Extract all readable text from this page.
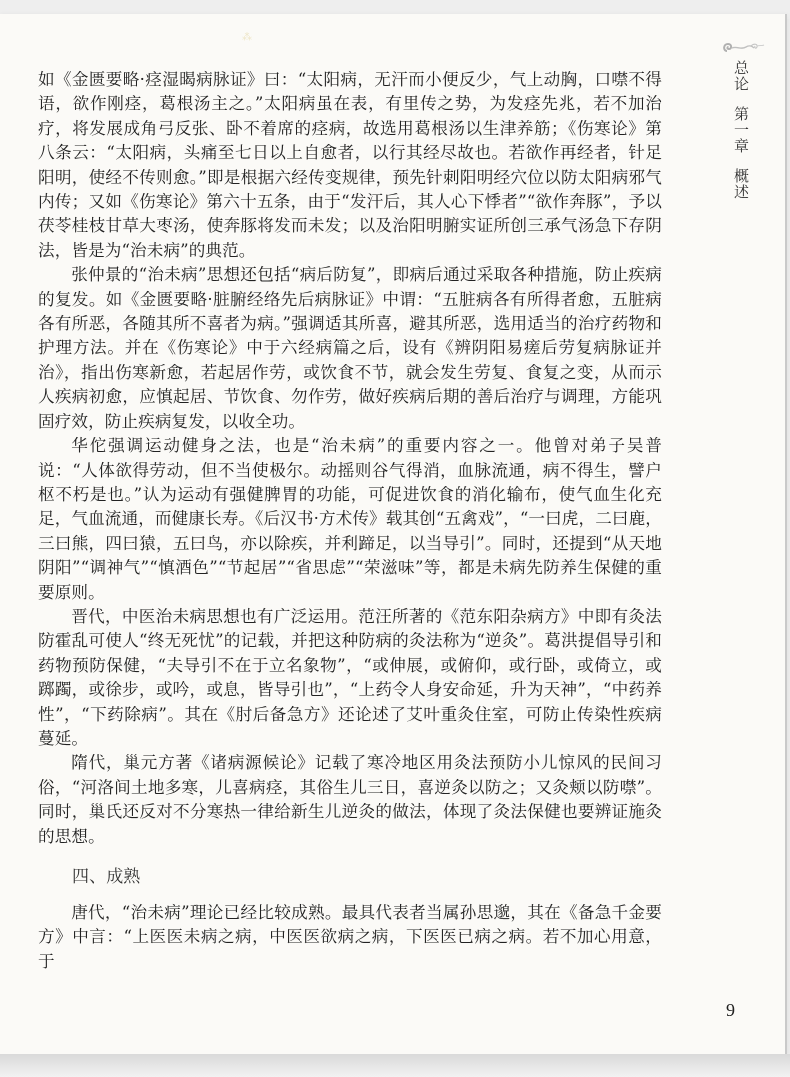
⁂

如《金匮要略·痉湿暍病脉证》曰：“太阳病，无汗而小便反少，气上动胸，口噤不得语，欲作刚痉，葛根汤主之。”太阳病虽在表，有里传之势，为发痉先兆，若不加治疗，将发展成角弓反张、卧不着席的痉病，故选用葛根汤以生津养筋；《伤寒论》第八条云：“太阳病，头痛至七日以上自愈者，以行其经尽故也。若欲作再经者，针足阳明，使经不传则愈。”即是根据六经传变规律，预先针刺阳明经穴位以防太阳病邪气内传；又如《伤寒论》第六十五条，由于“发汗后，其人心下悸者”“欲作奔豚”，予以茯苓桂枝甘草大枣汤，使奔豚将发而未发；以及治阳明腑实证所创三承气汤急下存阴法，皆是为“治未病”的典范。

张仲景的“治未病”思想还包括“病后防复”，即病后通过采取各种措施，防止疾病的复发。如《金匮要略·脏腑经络先后病脉证》中谓：“五脏病各有所得者愈，五脏病各有所恶，各随其所不喜者为病。”强调适其所喜，避其所恶，选用适当的治疗药物和护理方法。并在《伤寒论》中于六经病篇之后，设有《辨阴阳易瘥后劳复病脉证并治》，指出伤寒新愈，若起居作劳，或饮食不节，就会发生劳复、食复之变，从而示人疾病初愈，应慎起居、节饮食、勿作劳，做好疾病后期的善后治疗与调理，方能巩固疗效，防止疾病复发，以收全功。

华佗强调运动健身之法，也是“治未病”的重要内容之一。他曾对弟子吴普说：“人体欲得劳动，但不当使极尔。动摇则谷气得消，血脉流通，病不得生，譬户枢不朽是也。”认为运动有强健脾胃的功能，可促进饮食的消化输布，使气血生化充足，气血流通，而健康长寿。《后汉书·方术传》载其创“五禽戏”，“一曰虎，二曰鹿，三曰熊，四曰猿，五曰鸟，亦以除疾，并利蹄足，以当导引”。同时，还提到“从天地阴阳”“调神气”“慎酒色”“节起居”“省思虑”“荣滋味”等，都是未病先防养生保健的重要原则。

晋代，中医治未病思想也有广泛运用。范汪所著的《范东阳杂病方》中即有灸法防霍乱可使人“终无死忧”的记载，并把这种防病的灸法称为“逆灸”。葛洪提倡导引和药物预防保健，“夫导引不在于立名象物”，“或伸展，或俯仰，或行卧，或倚立，或踯躅，或徐步，或吟，或息，皆导引也”，“上药令人身安命延，升为天神”，“中药养性”，“下药除病”。其在《肘后备急方》还论述了艾叶重灸住室，可防止传染性疾病蔓延。

隋代，巢元方著《诸病源候论》记载了寒冷地区用灸法预防小儿惊风的民间习俗，“河洛间土地多寒，儿喜病痉，其俗生儿三日，喜逆灸以防之；又灸颊以防噤”。同时，巢氏还反对不分寒热一律给新生儿逆灸的做法，体现了灸法保健也要辨证施灸的思想。

四、成熟

唐代，“治未病”理论已经比较成熟。最具代表者当属孙思邈，其在《备急千金要方》中言：“上医医未病之病，中医医欲病之病，下医医已病之病。若不加心用意，于

总论
第一章
概述
9
